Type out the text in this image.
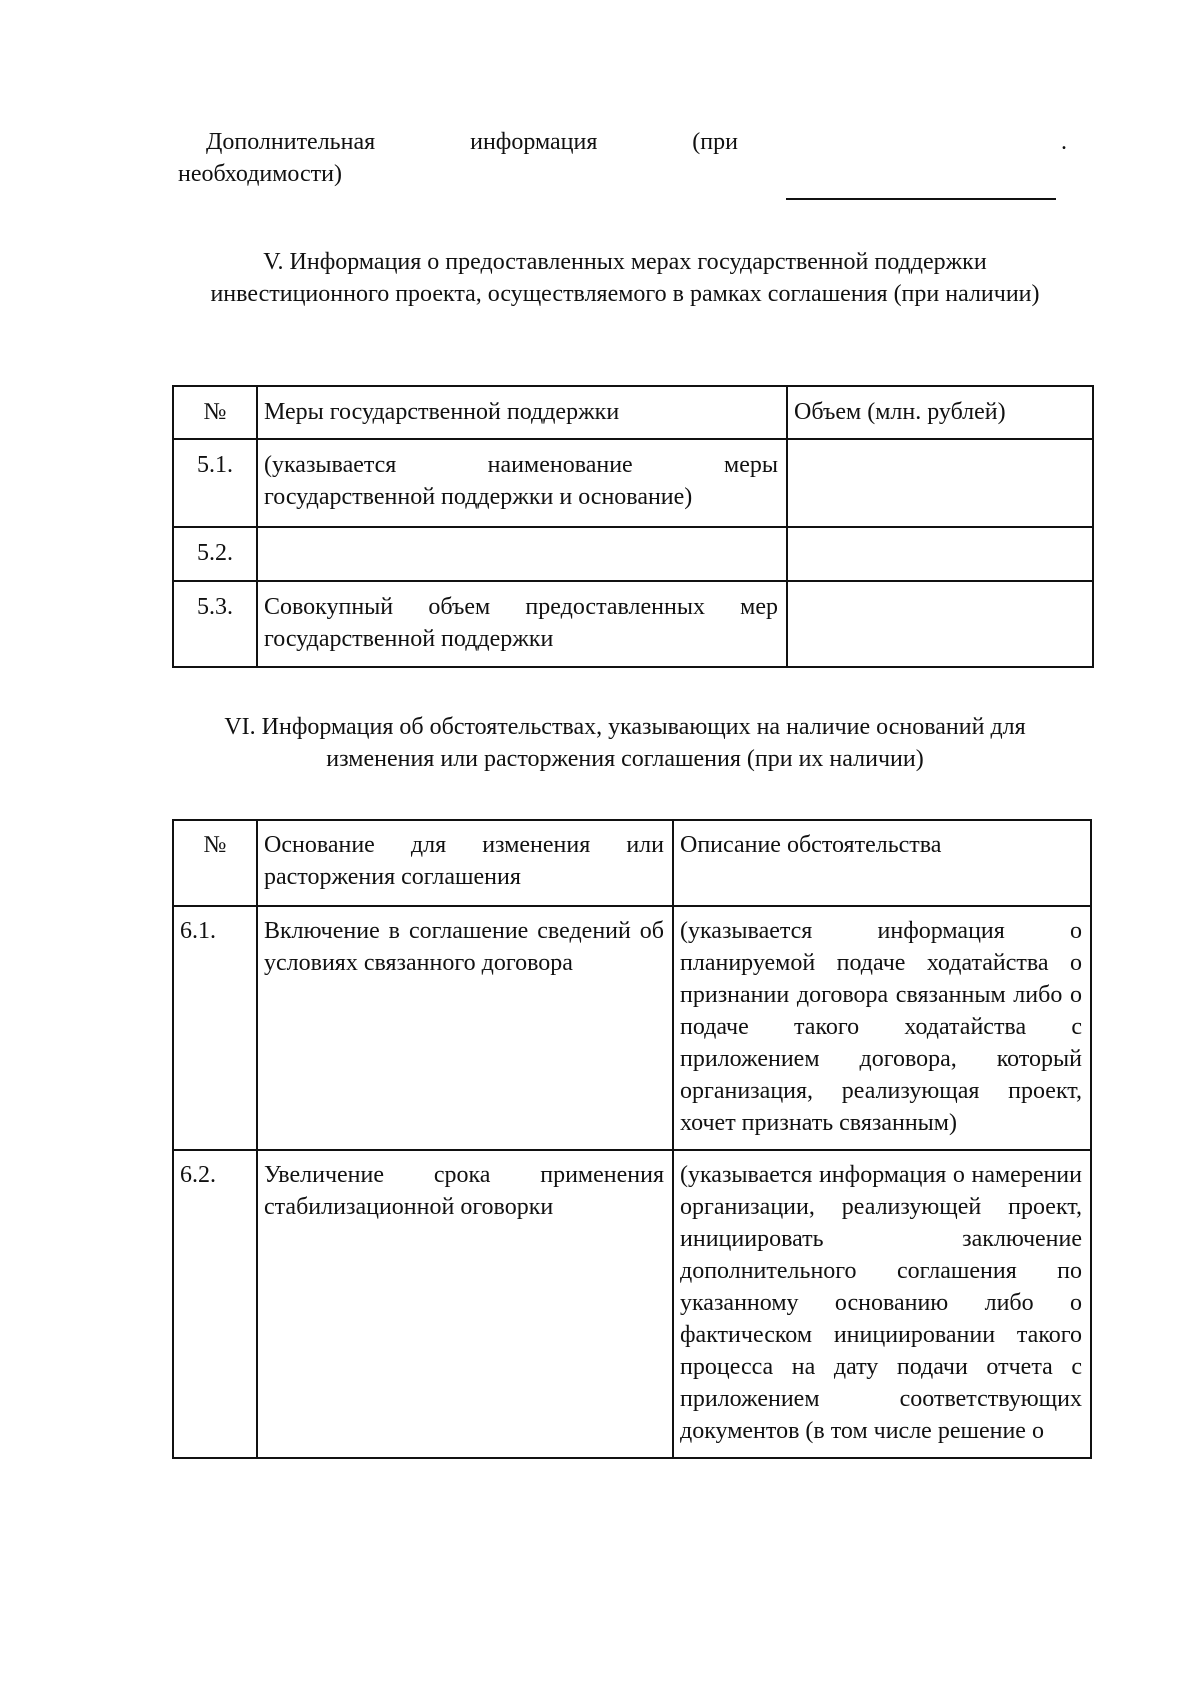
Дополнительная	информация	(при
необходимости)
.
V. Информация о предоставленных мерах государственной поддержки инвестиционного проекта, осуществляемого в рамках соглашения (при наличии)
№	Меры государственной поддержки	Объем (млн. рублей)
5.1.	(указывается наименование меры государственной поддержки и основание)	
5.2.		
5.3.	Совокупный объем предоставленных мер государственной поддержки	
VI. Информация об обстоятельствах, указывающих на наличие оснований для изменения или расторжения соглашения (при их наличии)
№	Основание для изменения или расторжения соглашения	Описание обстоятельства
6.1.	Включение в соглашение сведений об условиях связанного договора	(указывается информация о планируемой подаче ходатайства о признании договора связанным либо о подаче такого ходатайства с приложением договора, который организация, реализующая проект, хочет признать связанным)
6.2.	Увеличение срока применения стабилизационной оговорки	(указывается информация о намерении организации, реализующей проект, инициировать заключение дополнительного соглашения по указанному основанию либо о фактическом инициировании такого процесса на дату подачи отчета с приложением соответствующих документов (в том числе решение о
